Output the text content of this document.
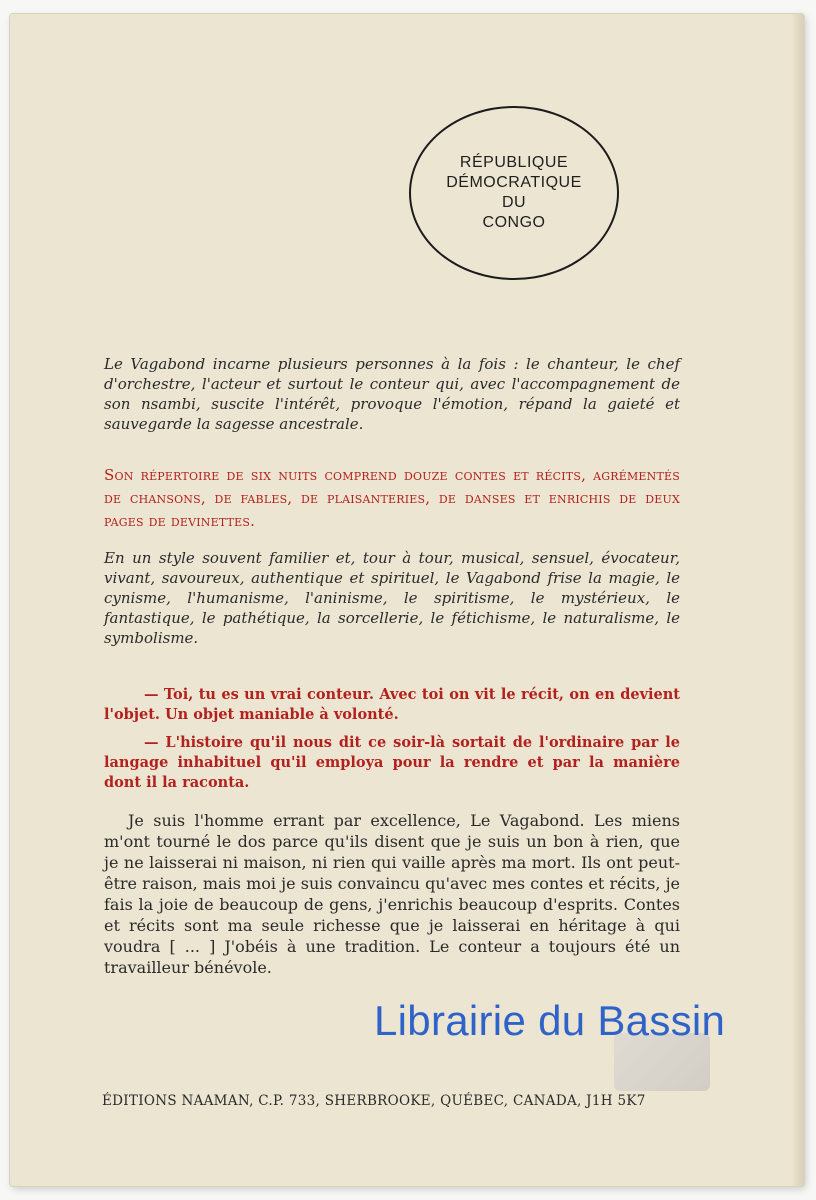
RÉPUBLIQUE
DÉMOCRATIQUE
DU
CONGO

Le Vagabond incarne plusieurs personnes à la fois : le chanteur, le chef d'orchestre, l'acteur et surtout le conteur qui, avec l'accompagnement de son nsambi, suscite l'intérêt, provoque l'émotion, répand la gaieté et sauvegarde la sagesse ancestrale.

Son répertoire de six nuits comprend douze contes et récits, agrémentés de chansons, de fables, de plaisanteries, de danses et enrichis de deux pages de devinettes.

En un style souvent familier et, tour à tour, musical, sensuel, évocateur, vivant, savoureux, authentique et spirituel, le Vagabond frise la magie, le cynisme, l'humanisme, l'aninisme, le spiritisme, le mystérieux, le fantastique, le pathétique, la sorcellerie, le fétichisme, le naturalisme, le symbolisme.

— Toi, tu es un vrai conteur. Avec toi on vit le récit, on en devient l'objet. Un objet maniable à volonté.

— L'histoire qu'il nous dit ce soir-là sortait de l'ordinaire par le langage inhabituel qu'il employa pour la rendre et par la manière dont il la raconta.

Je suis l'homme errant par excellence, Le Vagabond. Les miens m'ont tourné le dos parce qu'ils disent que je suis un bon à rien, que je ne laisserai ni maison, ni rien qui vaille après ma mort. Ils ont peut-être raison, mais moi je suis convaincu qu'avec mes contes et récits, je fais la joie de beaucoup de gens, j'enrichis beaucoup d'esprits. Contes et récits sont ma seule richesse que je laisserai en héritage à qui voudra [ ... ] J'obéis à une tradition. Le conteur a toujours été un travailleur bénévole.

Librairie du Bassin
ÉDITIONS NAAMAN, C.P. 733, SHERBROOKE, QUÉBEC, CANADA, J1H 5K7
